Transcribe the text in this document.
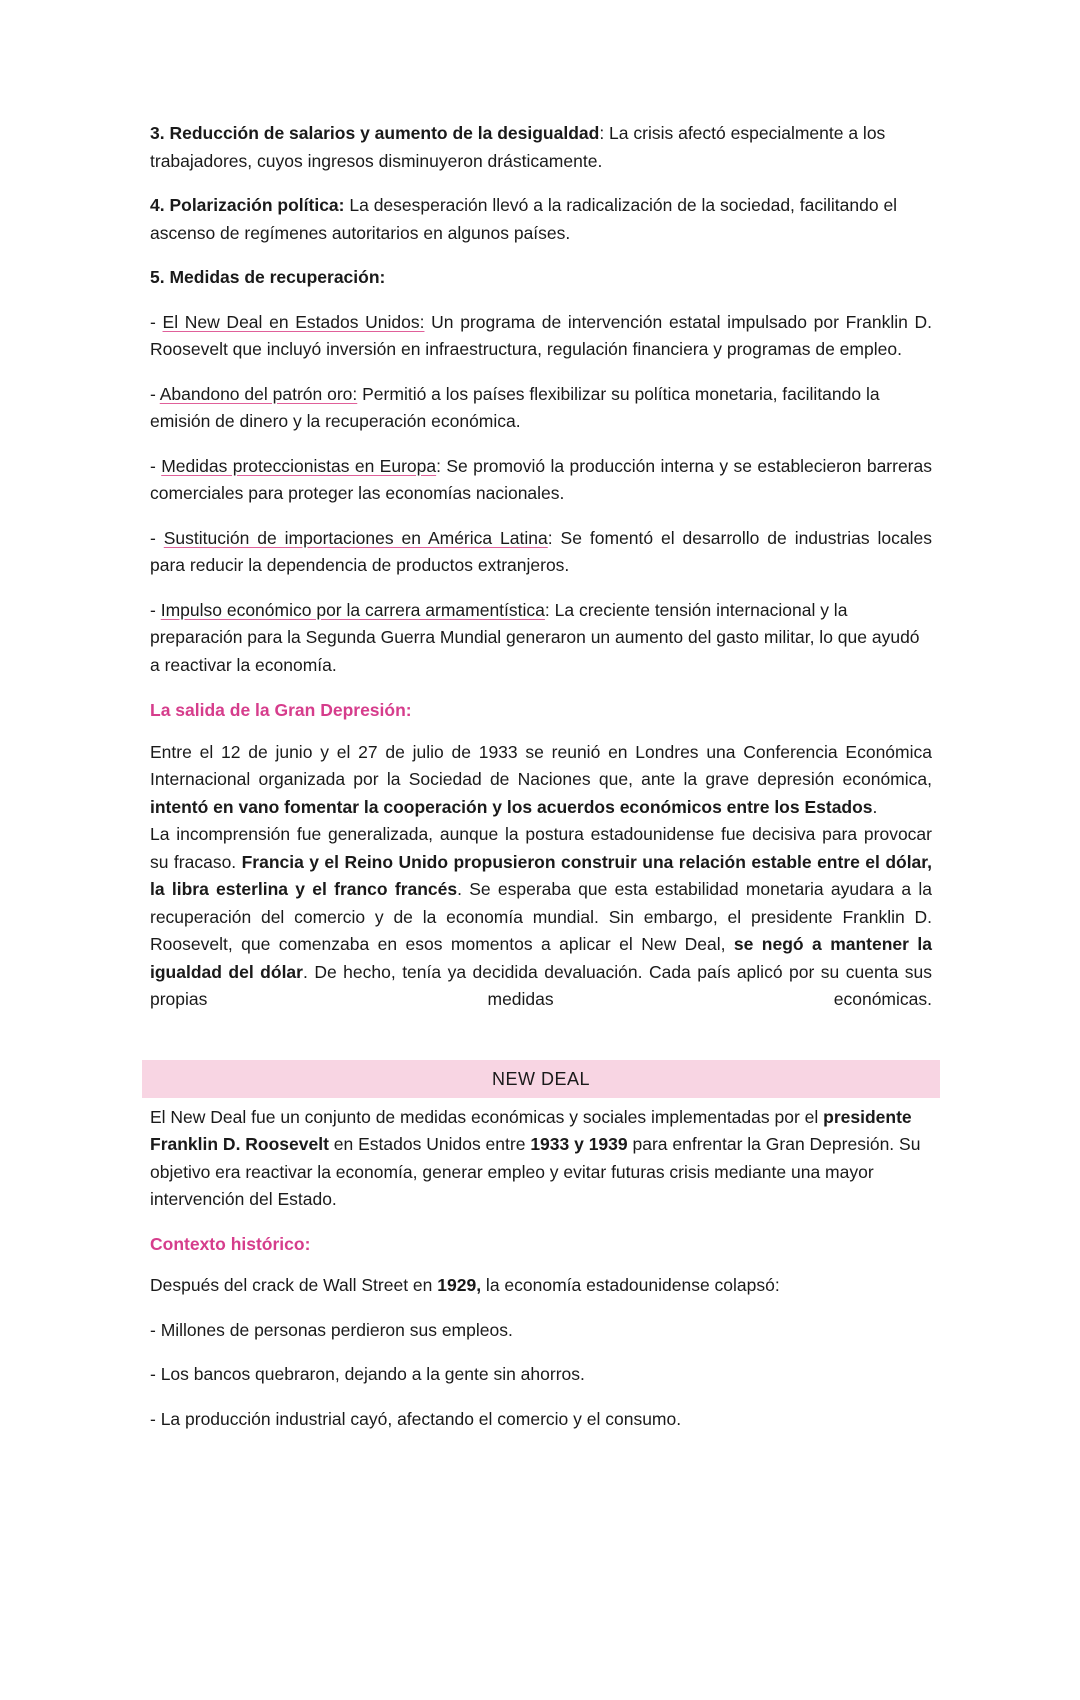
3. Reducción de salarios y aumento de la desigualdad: La crisis afectó especialmente a los trabajadores, cuyos ingresos disminuyeron drásticamente.

4. Polarización política: La desesperación llevó a la radicalización de la sociedad, facilitando el ascenso de regímenes autoritarios en algunos países.

5. Medidas de recuperación:

- El New Deal en Estados Unidos: Un programa de intervención estatal impulsado por Franklin D. Roosevelt que incluyó inversión en infraestructura, regulación financiera y programas de empleo.

- Abandono del patrón oro: Permitió a los países flexibilizar su política monetaria, facilitando la emisión de dinero y la recuperación económica.

- Medidas proteccionistas en Europa: Se promovió la producción interna y se establecieron barreras comerciales para proteger las economías nacionales.

- Sustitución de importaciones en América Latina: Se fomentó el desarrollo de industrias locales para reducir la dependencia de productos extranjeros.

- Impulso económico por la carrera armamentística: La creciente tensión internacional y la preparación para la Segunda Guerra Mundial generaron un aumento del gasto militar, lo que ayudó a reactivar la economía.

La salida de la Gran Depresión:

Entre el 12 de junio y el 27 de julio de 1933 se reunió en Londres una Conferencia Económica Internacional organizada por la Sociedad de Naciones que, ante la grave depresión económica, intentó en vano fomentar la cooperación y los acuerdos económicos entre los Estados.

La incomprensión fue generalizada, aunque la postura estadounidense fue decisiva para provocar su fracaso. Francia y el Reino Unido propusieron construir una relación estable entre el dólar, la libra esterlina y el franco francés. Se esperaba que esta estabilidad monetaria ayudara a la recuperación del comercio y de la economía mundial. Sin embargo, el presidente Franklin D. Roosevelt, que comenzaba en esos momentos a aplicar el New Deal, se negó a mantener la igualdad del dólar. De hecho, tenía ya decidida devaluación. Cada país aplicó por su cuenta sus propias medidas económicas.

NEW DEAL

El New Deal fue un conjunto de medidas económicas y sociales implementadas por el presidente Franklin D. Roosevelt en Estados Unidos entre 1933 y 1939 para enfrentar la Gran Depresión. Su objetivo era reactivar la economía, generar empleo y evitar futuras crisis mediante una mayor intervención del Estado.

Contexto histórico:

Después del crack de Wall Street en 1929, la economía estadounidense colapsó:

- Millones de personas perdieron sus empleos.

- Los bancos quebraron, dejando a la gente sin ahorros.

- La producción industrial cayó, afectando el comercio y el consumo.
